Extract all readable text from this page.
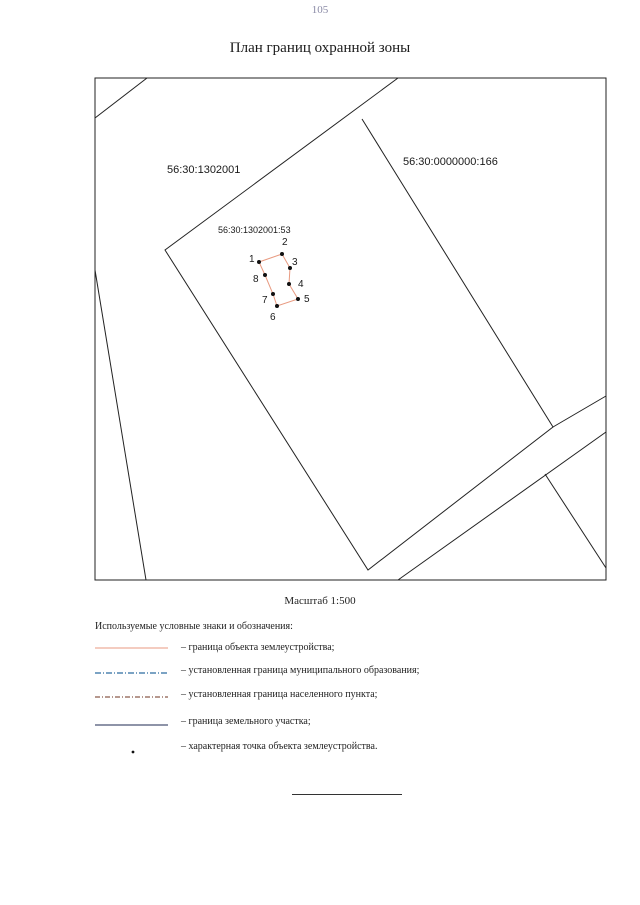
105
План границ охранной зоны
56:30:1302001
56:30:0000000:166
56:30:1302001:53
1
2
3
4
5
6
7
8
Масштаб 1:500
Используемые условные знаки и обозначения:
– граница объекта землеустройства;
– установленная граница муниципального образования;
– установленная граница населенного пункта;
– граница земельного участка;
– характерная точка объекта землеустройства.
